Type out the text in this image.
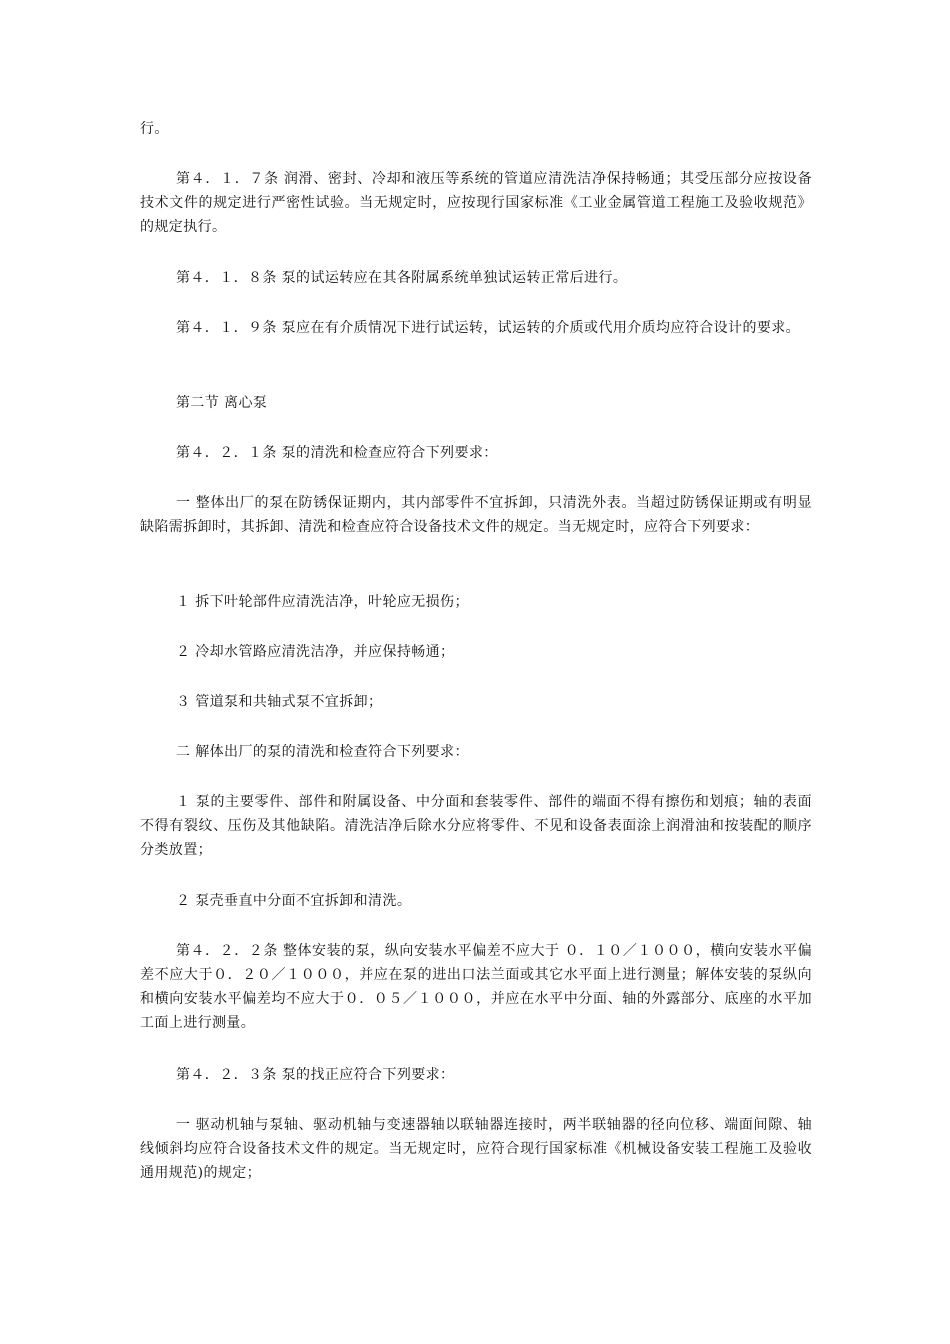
行。

第４．１．７条 润滑、密封、冷却和液压等系统的管道应清洗洁净保持畅通；其受压部分应按设备技术文件的规定进行严密性试验。当无规定时，应按现行国家标准《工业金属管道工程施工及验收规范》的规定执行。

第４．１．８条 泵的试运转应在其各附属系统单独试运转正常后进行。

第４．１．９条 泵应在有介质情况下进行试运转，试运转的介质或代用介质均应符合设计的要求。

第二节 离心泵

第４．２．１条 泵的清洗和检查应符合下列要求：

一 整体出厂的泵在防锈保证期内，其内部零件不宜拆卸，只清洗外表。当超过防锈保证期或有明显缺陷需拆卸时，其拆卸、清洗和检查应符合设备技术文件的规定。当无规定时，应符合下列要求：

１ 拆下叶轮部件应清洗洁净，叶轮应无损伤；

２ 冷却水管路应清洗洁净，并应保持畅通；

３ 管道泵和共轴式泵不宜拆卸；

二 解体出厂的泵的清洗和检查符合下列要求：

１ 泵的主要零件、部件和附属设备、中分面和套装零件、部件的端面不得有擦伤和划痕；轴的表面不得有裂纹、压伤及其他缺陷。清洗洁净后除水分应将零件、不见和设备表面涂上润滑油和按装配的顺序分类放置；

２ 泵壳垂直中分面不宜拆卸和清洗。

第４．２．２条 整体安装的泵，纵向安装水平偏差不应大于 ０．１０／１０００，横向安装水平偏差不应大于０．２０／１０００，并应在泵的进出口法兰面或其它水平面上进行测量；解体安装的泵纵向和横向安装水平偏差均不应大于０．０５／１０００，并应在水平中分面、轴的外露部分、底座的水平加工面上进行测量。

第４．２．３条 泵的找正应符合下列要求：

一 驱动机轴与泵轴、驱动机轴与变速器轴以联轴器连接时，两半联轴器的径向位移、端面间隙、轴线倾斜均应符合设备技术文件的规定。当无规定时，应符合现行国家标准《机械设备安装工程施工及验收通用规范)的规定；
